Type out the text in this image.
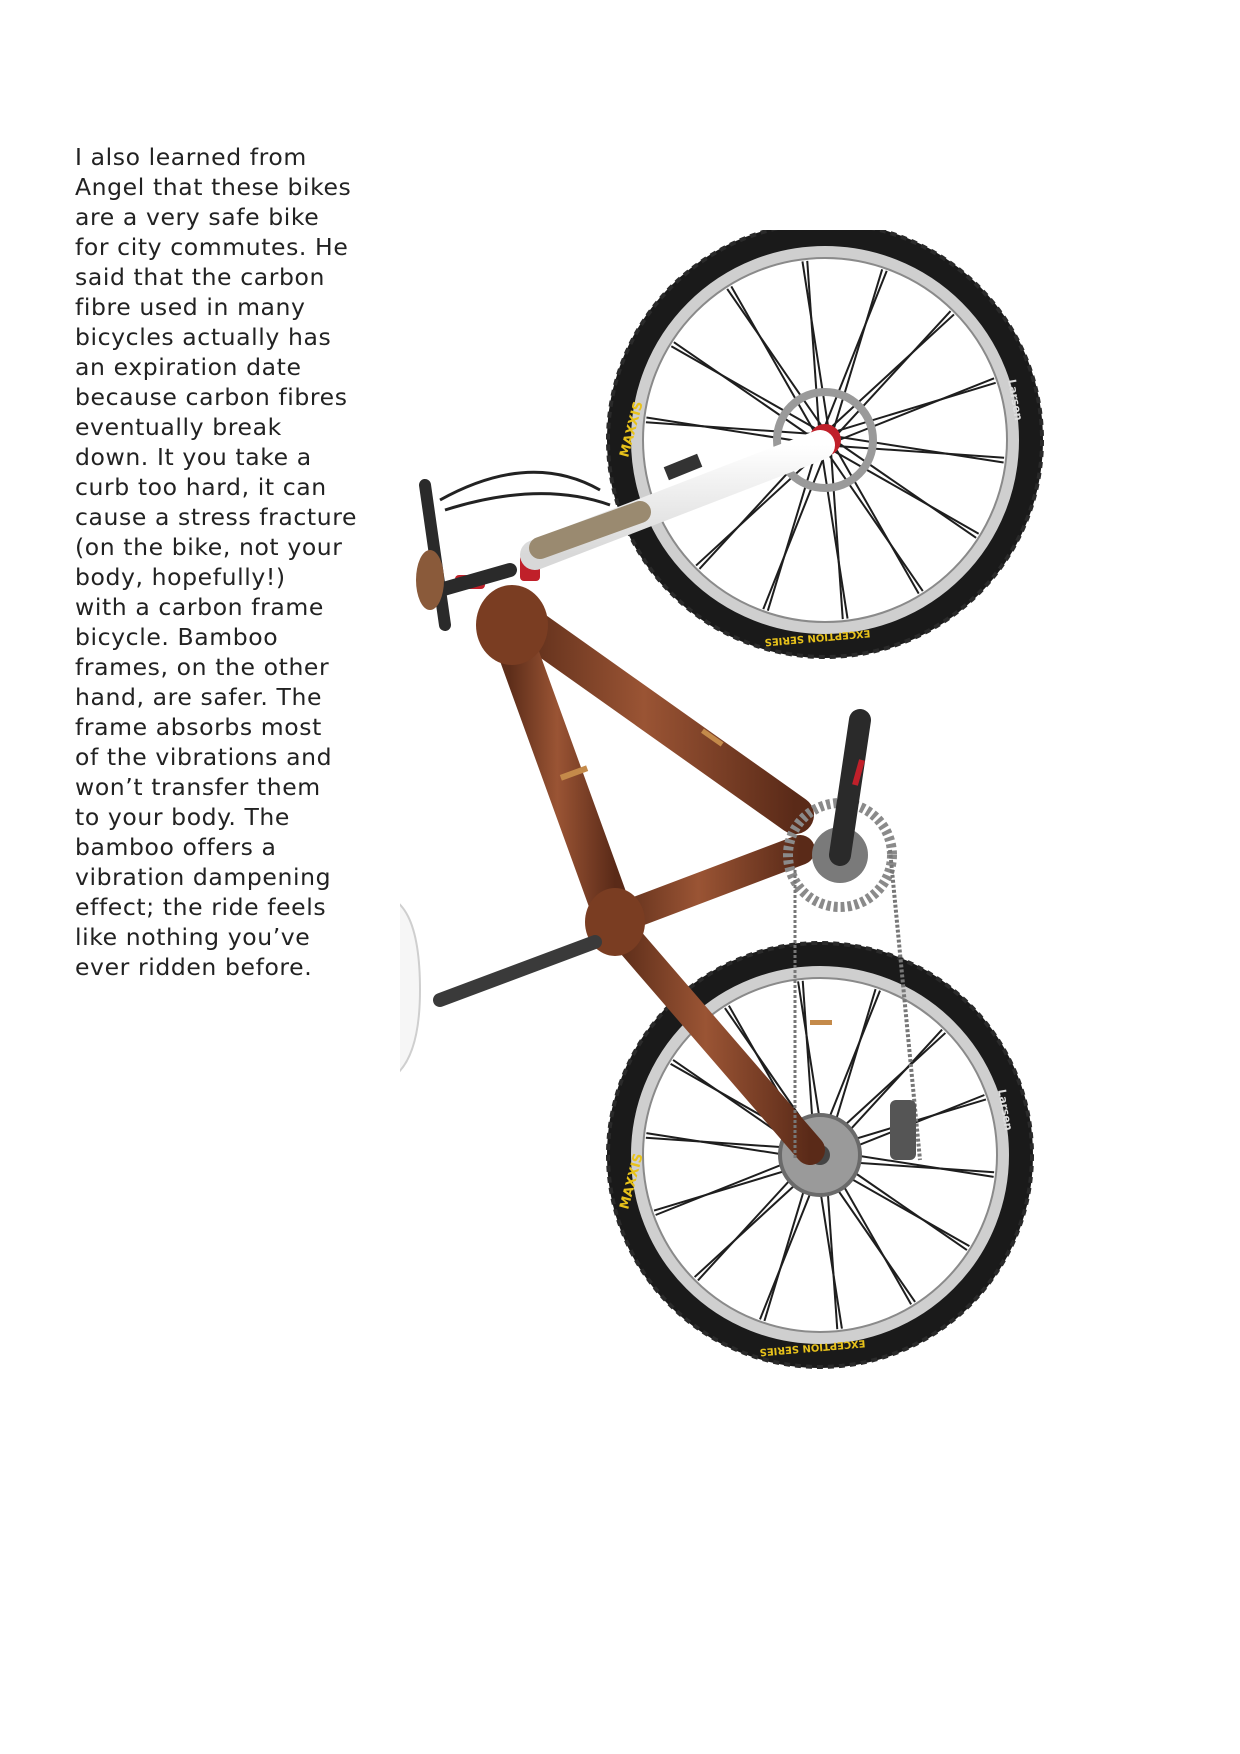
I also learned from
Angel that these bikes
are a very safe bike
for city commutes. He
said that the carbon
fibre used in many
bicycles actually has
an expiration date
because carbon fibres
eventually break
down. It you take a
curb too hard, it can
cause a stress fracture
(on the bike, not your
body, hopefully!)
with a carbon frame
bicycle. Bamboo
frames, on the other
hand, are safer. The
frame absorbs most
of the vibrations and
won’t transfer them
to your body. The
bamboo offers a
vibration dampening
effect; the ride feels
like nothing you’ve
ever ridden before.

MAXXIS
EXCEPTION SERIES
Larsen
MAXXIS
EXCEPTION SERIES
Larsen
